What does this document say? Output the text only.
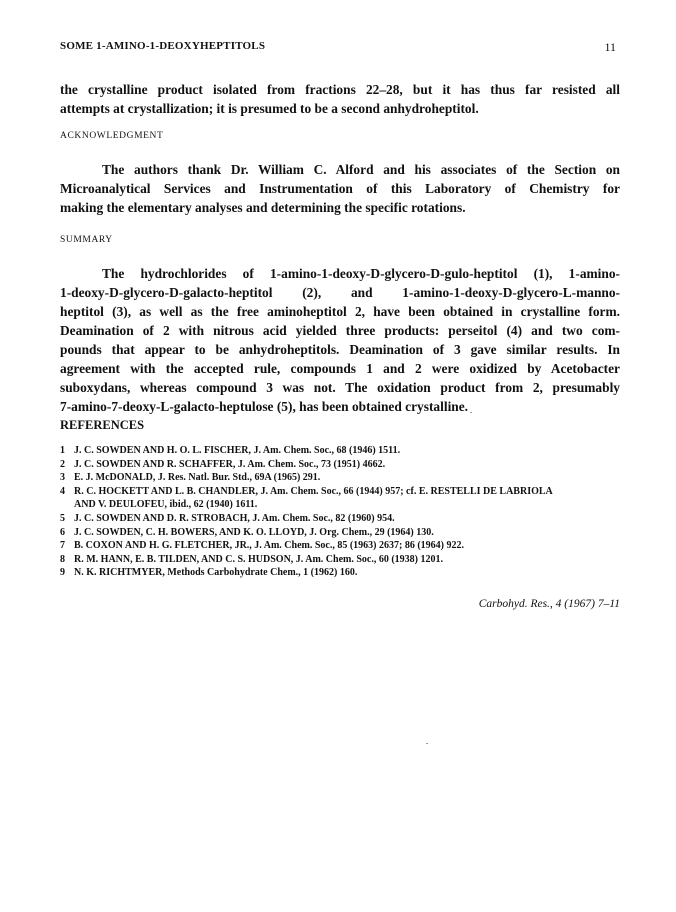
SOME 1-AMINO-1-DEOXYHEPTITOLS	11
the crystalline product isolated from fractions 22–28, but it has thus far resisted all
attempts at crystallization; it is presumed to be a second anhydroheptitol.
ACKNOWLEDGMENT
The authors thank Dr. William C. Alford and his associates of the Section on
Microanalytical Services and Instrumentation of this Laboratory of Chemistry for
making the elementary analyses and determining the specific rotations.
SUMMARY
The hydrochlorides of 1-amino-1-deoxy-D-glycero-D-gulo-heptitol (1), 1-amino-
1-deoxy-D-glycero-D-galacto-heptitol (2), and 1-amino-1-deoxy-D-glycero-L-manno-
heptitol (3), as well as the free aminoheptitol 2, have been obtained in crystalline form.
Deamination of 2 with nitrous acid yielded three products: perseitol (4) and two com-
pounds that appear to be anhydroheptitols. Deamination of 3 gave similar results. In
agreement with the accepted rule, compounds 1 and 2 were oxidized by Acetobacter
suboxydans, whereas compound 3 was not. The oxidation product from 2, presumably
7-amino-7-deoxy-L-galacto-heptulose (5), has been obtained crystalline.
REFERENCES
1 J. C. SOWDEN AND H. O. L. FISCHER, J. Am. Chem. Soc., 68 (1946) 1511.
2 J. C. SOWDEN AND R. SCHAFFER, J. Am. Chem. Soc., 73 (1951) 4662.
3 E. J. McDONALD, J. Res. Natl. Bur. Std., 69A (1965) 291.
4 R. C. HOCKETT AND L. B. CHANDLER, J. Am. Chem. Soc., 66 (1944) 957; cf. E. RESTELLI DE LABRIOLA
AND V. DEULOFEU, ibid., 62 (1940) 1611.
5 J. C. SOWDEN AND D. R. STROBACH, J. Am. Chem. Soc., 82 (1960) 954.
6 J. C. SOWDEN, C. H. BOWERS, AND K. O. LLOYD, J. Org. Chem., 29 (1964) 130.
7 B. COXON AND H. G. FLETCHER, JR., J. Am. Chem. Soc., 85 (1963) 2637; 86 (1964) 922.
8 R. M. HANN, E. B. TILDEN, AND C. S. HUDSON, J. Am. Chem. Soc., 60 (1938) 1201.
9 N. K. RICHTMYER, Methods Carbohydrate Chem., 1 (1962) 160.
Carbohyd. Res., 4 (1967) 7–11
